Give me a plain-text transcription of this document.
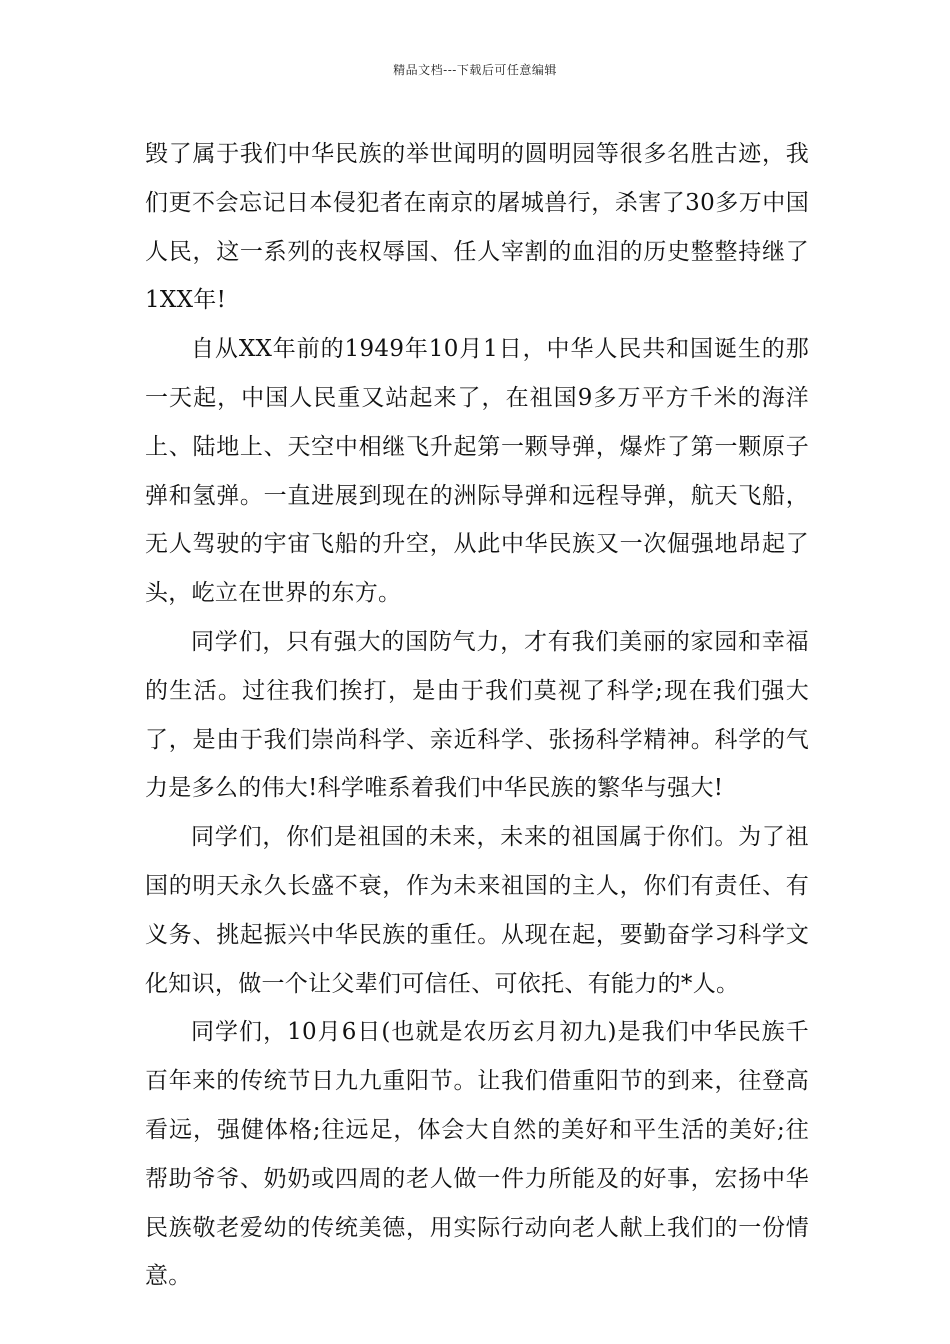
精品文档---下载后可任意编辑

毁了属于我们中华民族的举世闻明的圆明园等很多名胜古迹，我们更不会忘记日本侵犯者在南京的屠城兽行，杀害了30多万中国人民，这一系列的丧权辱国、任人宰割的血泪的历史整整持继了1XX年!

自从XX年前的1949年10月1日，中华人民共和国诞生的那一天起，中国人民重又站起来了，在祖国9多万平方千米的海洋上、陆地上、天空中相继飞升起第一颗导弹，爆炸了第一颗原子弹和氢弹。一直进展到现在的洲际导弹和远程导弹，航天飞船，无人驾驶的宇宙飞船的升空，从此中华民族又一次倔强地昂起了头，屹立在世界的东方。

同学们，只有强大的国防气力，才有我们美丽的家园和幸福的生活。过往我们挨打，是由于我们莫视了科学;现在我们强大了，是由于我们崇尚科学、亲近科学、张扬科学精神。科学的气力是多么的伟大!科学唯系着我们中华民族的繁华与强大!

同学们，你们是祖国的未来，未来的祖国属于你们。为了祖国的明天永久长盛不衰，作为未来祖国的主人，你们有责任、有义务、挑起振兴中华民族的重任。从现在起，要勤奋学习科学文化知识，做一个让父辈们可信任、可依托、有能力的*人。

同学们，10月6日(也就是农历玄月初九)是我们中华民族千百年来的传统节日九九重阳节。让我们借重阳节的到来，往登高看远，强健体格;往远足，体会大自然的美好和平生活的美好;往帮助爷爷、奶奶或四周的老人做一件力所能及的好事，宏扬中华民族敬老爱幼的传统美德，用实际行动向老人献上我们的一份情意。
